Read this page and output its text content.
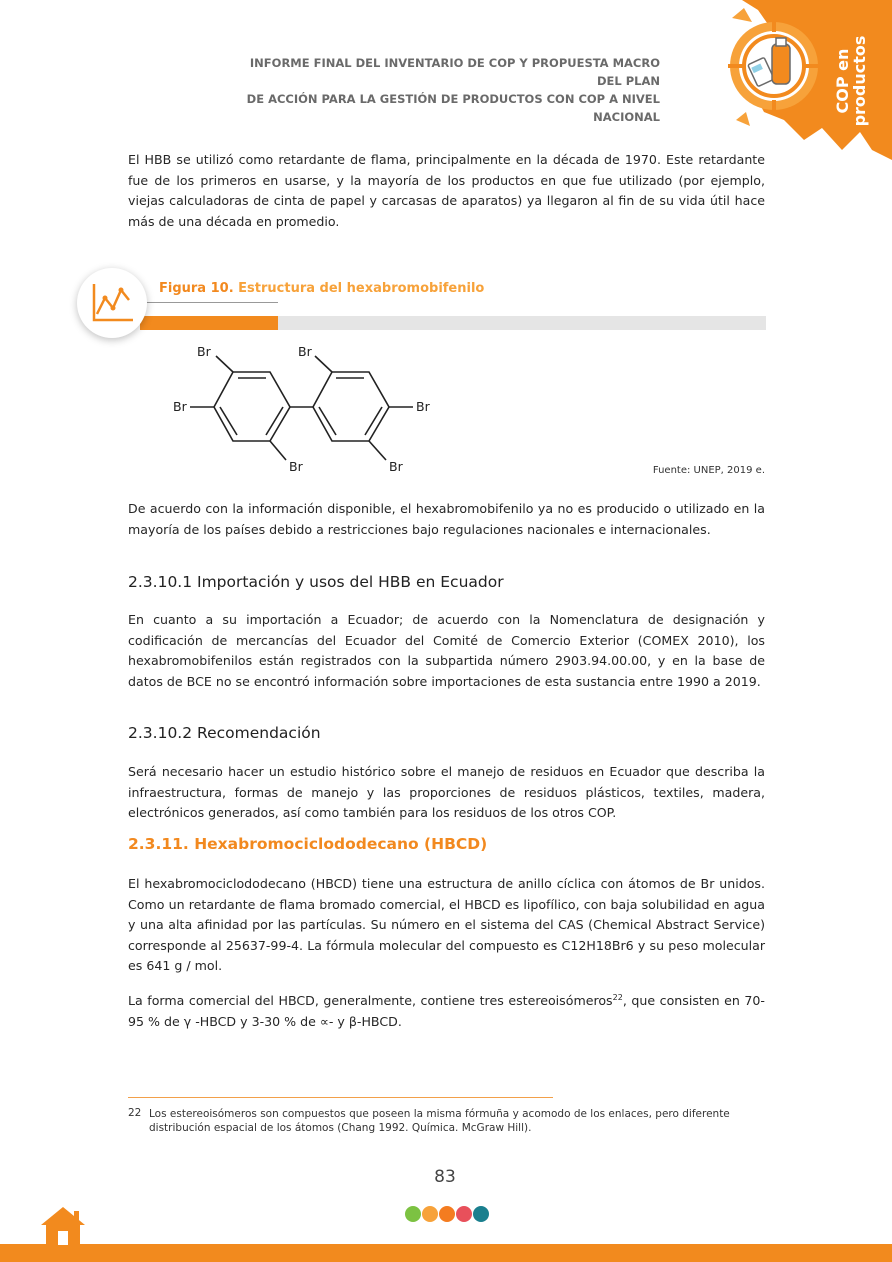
INFORME FINAL DEL INVENTARIO DE COP Y PROPUESTA MACRO DEL PLAN
DE ACCIÓN PARA LA GESTIÓN DE PRODUCTOS CON COP A NIVEL NACIONAL
COP en productos

El HBB se utilizó como retardante de flama, principalmente en la década de 1970. Este retardante fue de los primeros en usarse, y la mayoría de los productos en que fue utilizado (por ejemplo, viejas calculadoras de cinta de papel y carcasas de aparatos) ya llegaron al fin de su vida útil hace más de una década en promedio.

Figura 10. Estructura del hexabromobifenilo
Br
Br
Br
Br
Br
Br	Fuente: UNEP, 2019 e.

De acuerdo con la información disponible, el hexabromobifenilo ya no es producido o utilizado en la mayoría de los países debido a restricciones bajo regulaciones nacionales e internacionales.

2.3.10.1 Importación y usos del HBB en Ecuador

En cuanto a su importación a Ecuador; de acuerdo con la Nomenclatura de designación y codificación de mercancías del Ecuador del Comité de Comercio Exterior (COMEX 2010), los hexabromobifenilos están registrados con la subpartida número 2903.94.00.00, y en la base de datos de BCE no se encontró información sobre importaciones de esta sustancia entre 1990 a 2019.

2.3.10.2 Recomendación

Será necesario hacer un estudio histórico sobre el manejo de residuos en Ecuador que describa la infraestructura, formas de manejo y las proporciones de residuos plásticos, textiles, madera, electrónicos generados, así como también para los residuos de los otros COP.

2.3.11. Hexabromociclododecano (HBCD)

El hexabromociclododecano (HBCD) tiene una estructura de anillo cíclica con átomos de Br unidos. Como un retardante de flama bromado comercial, el HBCD es lipofílico, con baja solubilidad en agua y una alta afinidad por las partículas. Su número en el sistema del CAS (Chemical Abstract Service) corresponde al 25637-99-4. La fórmula molecular del compuesto es C12H18Br6 y su peso molecular es 641 g / mol.

La forma comercial del HBCD, generalmente, contiene tres estereoisómeros$^{22}$, que consisten en 70-95 % de γ -HBCD y 3-30 % de ∝- y β-HBCD.

22 Los estereoisómeros son compuestos que poseen la misma fórmuña y acomodo de los enlaces, pero diferente distribución espacial de los átomos (Chang 1992. Química. McGraw Hill).
83
